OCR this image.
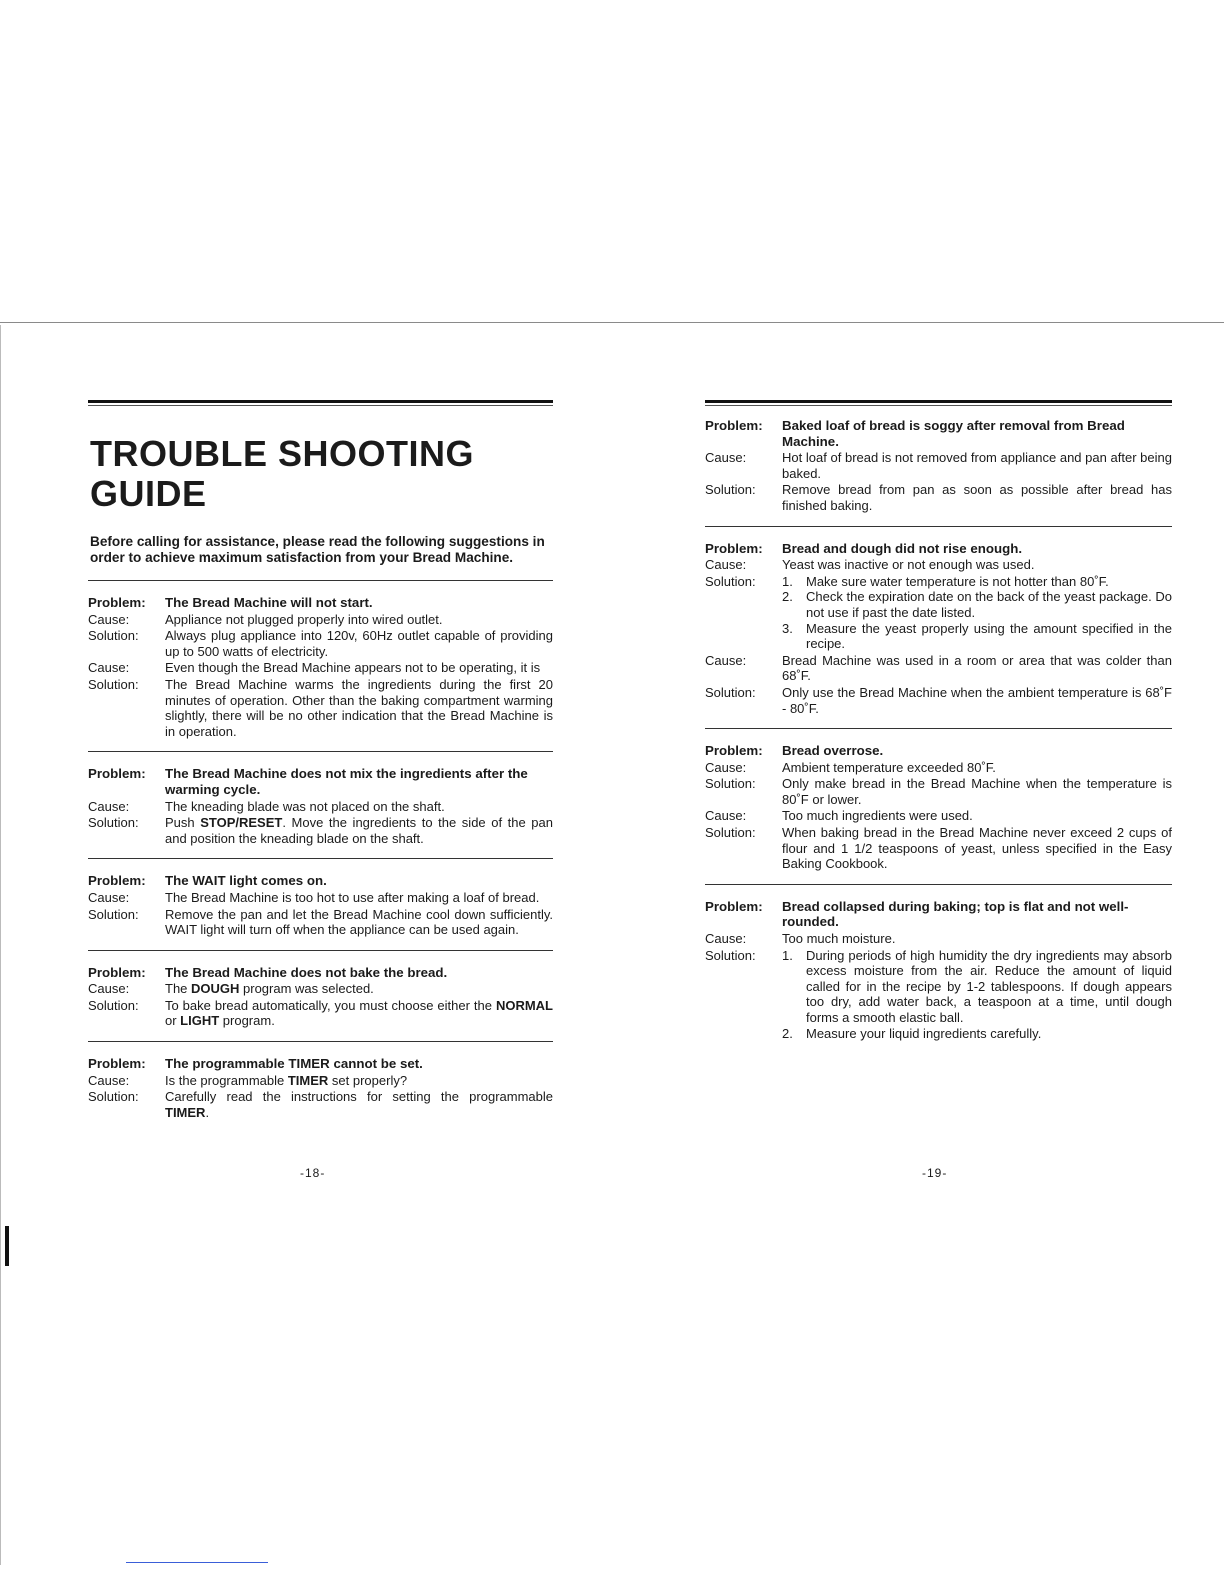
TROUBLE SHOOTING GUIDE
Before calling for assistance, please read the following suggestions in order to achieve maximum satisfaction from your Bread Machine.
Problem:	The Bread Machine will not start.
Cause:	Appliance not plugged properly into wired outlet.
Solution:	Always plug appliance into 120v, 60Hz outlet capable of providing up to 500 watts of electricity.
Cause:	Even though the Bread Machine appears not to be operating, it is
Solution:	The Bread Machine warms the ingredients during the first 20 minutes of operation. Other than the baking compartment warming slightly, there will be no other indication that the Bread Machine is in operation.
Problem:	The Bread Machine does not mix the ingredients after the warming cycle.
Cause:	The kneading blade was not placed on the shaft.
Solution:	Push STOP/RESET. Move the ingredients to the side of the pan and position the kneading blade on the shaft.
Problem:	The WAIT light comes on.
Cause:	The Bread Machine is too hot to use after making a loaf of bread.
Solution:	Remove the pan and let the Bread Machine cool down sufficiently. WAIT light will turn off when the appliance can be used again.
Problem:	The Bread Machine does not bake the bread.
Cause:	The DOUGH program was selected.
Solution:	To bake bread automatically, you must choose either the NORMAL or LIGHT program.
Problem:	The programmable TIMER cannot be set.
Cause:	Is the programmable TIMER set properly?
Solution:	Carefully read the instructions for setting the programmable TIMER.
-18-
Problem:	Baked loaf of bread is soggy after removal from Bread Machine.
Cause:	Hot loaf of bread is not removed from appliance and pan after being baked.
Solution:	Remove bread from pan as soon as possible after bread has finished baking.
Problem:	Bread and dough did not rise enough.
Cause:	Yeast was inactive or not enough was used.
Solution:	1.	Make sure water temperature is not hotter than 80˚F.
2.	Check the expiration date on the back of the yeast package. Do not use if past the date listed.
3.	Measure the yeast properly using the amount specified in the recipe.
Cause:	Bread Machine was used in a room or area that was colder than 68˚F.
Solution:	Only use the Bread Machine when the ambient temperature is 68˚F - 80˚F.
Problem:	Bread overrose.
Cause:	Ambient temperature exceeded 80˚F.
Solution:	Only make bread in the Bread Machine when the temperature is 80˚F or lower.
Cause:	Too much ingredients were used.
Solution:	When baking bread in the Bread Machine never exceed 2 cups of flour and 1 1/2 teaspoons of yeast, unless specified in the Easy Baking Cookbook.
Problem:	Bread collapsed during baking; top is flat and not well-rounded.
Cause:	Too much moisture.
Solution:	1.	During periods of high humidity the dry ingredients may absorb excess moisture from the air. Reduce the amount of liquid called for in the recipe by 1-2 tablespoons. If dough appears too dry, add water back, a teaspoon at a time, until dough forms a smooth elastic ball.
2.	Measure your liquid ingredients carefully.
-19-
